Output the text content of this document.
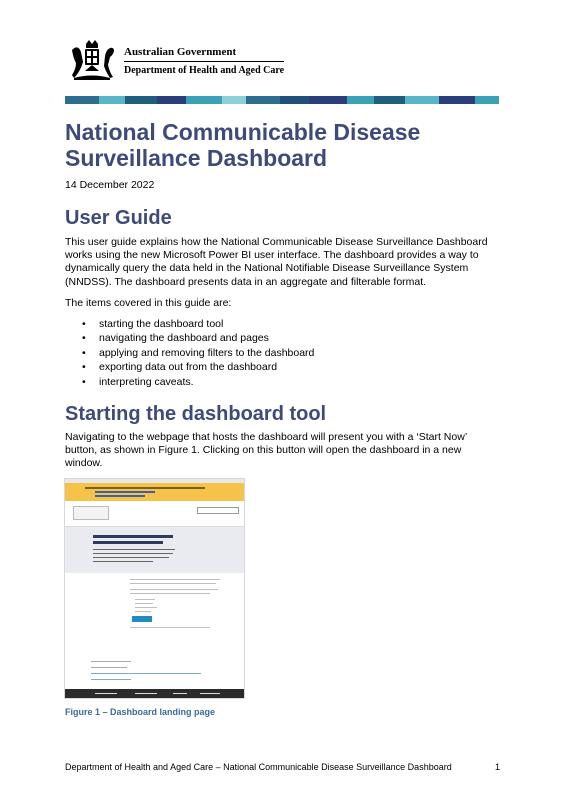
Australian Government
Department of Health and Aged Care
National Communicable Disease Surveillance Dashboard
14 December 2022
User Guide

This user guide explains how the National Communicable Disease Surveillance Dashboard works using the new Microsoft Power BI user interface. The dashboard provides a way to dynamically query the data held in the National Notifiable Disease Surveillance System (NNDSS). The dashboard presents data in an aggregate and filterable format.

The items covered in this guide are:

• starting the dashboard tool
• navigating the dashboard and pages
• applying and removing filters to the dashboard
• exporting data out from the dashboard
• interpreting caveats.
Starting the dashboard tool

Navigating to the webpage that hosts the dashboard will present you with a ‘Start Now’ button, as shown in Figure 1. Clicking on this button will open the dashboard in a new window.

Figure 1 – Dashboard landing page
Department of Health and Aged Care – National Communicable Disease Surveillance Dashboard	1
